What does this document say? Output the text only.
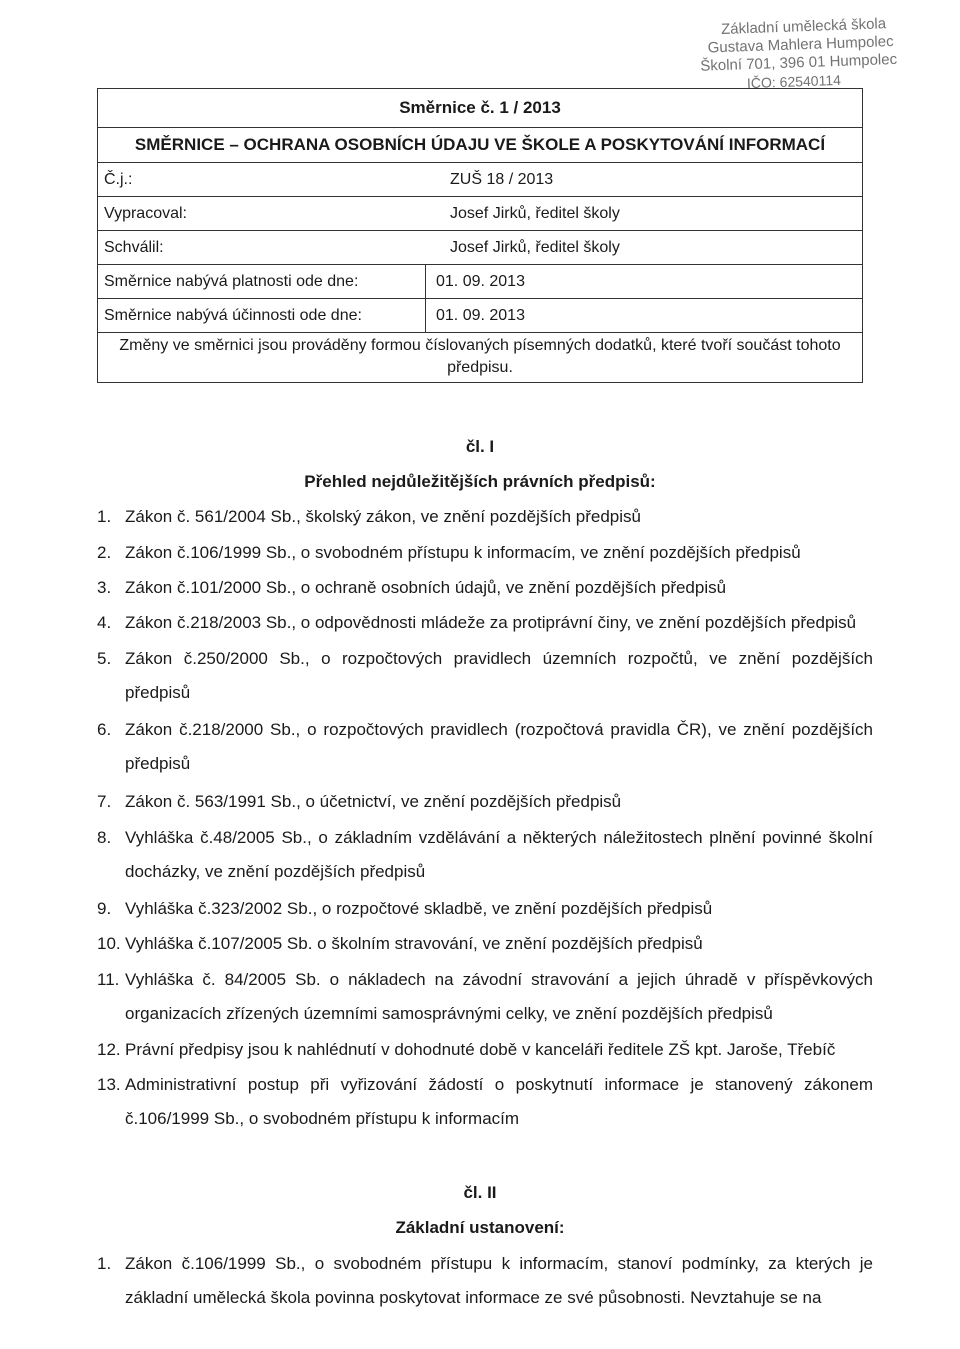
Základní umělecká škola
Gustava Mahlera Humpolec
Školní 701, 396 01 Humpolec
IČO: 62540114
Směrnice č. 1 / 2013
SMĚRNICE – OCHRANA OSOBNÍCH ÚDAJU VE ŠKOLE A POSKYTOVÁNÍ INFORMACÍ
Č.j.:	ZUŠ 18 / 2013
Vypracoval:	Josef Jirků, ředitel školy
Schválil:	Josef Jirků, ředitel školy
Směrnice nabývá platnosti ode dne:	01. 09. 2013
Směrnice nabývá účinnosti ode dne:	01. 09. 2013
Změny ve směrnici jsou prováděny formou číslovaných písemných dodatků, které tvoří součást tohoto předpisu.
čl. I
Přehled nejdůležitějších právních předpisů:
1. Zákon č. 561/2004 Sb., školský zákon, ve znění pozdějších předpisů
2. Zákon č.106/1999 Sb., o svobodném přístupu k informacím, ve znění pozdějších předpisů
3. Zákon č.101/2000 Sb., o ochraně osobních údajů, ve znění pozdějších předpisů
4. Zákon č.218/2003 Sb., o odpovědnosti mládeže za protiprávní činy, ve znění pozdějších předpisů
5. Zákon č.250/2000 Sb., o rozpočtových pravidlech územních rozpočtů, ve znění pozdějších předpisů
6. Zákon č.218/2000 Sb., o rozpočtových pravidlech (rozpočtová pravidla ČR), ve znění pozdějších předpisů
7. Zákon č. 563/1991 Sb., o účetnictví, ve znění pozdějších předpisů
8. Vyhláška č.48/2005 Sb., o základním vzdělávání a některých náležitostech plnění povinné školní docházky, ve znění pozdějších předpisů
9. Vyhláška č.323/2002 Sb., o rozpočtové skladbě, ve znění pozdějších předpisů
10. Vyhláška č.107/2005 Sb. o školním stravování, ve znění pozdějších předpisů
11. Vyhláška č. 84/2005 Sb. o nákladech na závodní stravování a jejich úhradě v příspěvkových organizacích zřízených územními samosprávnými celky, ve znění pozdějších předpisů
12. Právní předpisy jsou k nahlédnutí v dohodnuté době v kanceláři ředitele ZŠ kpt. Jaroše, Třebíč
13. Administrativní postup při vyřizování žádostí o poskytnutí informace je stanovený zákonem č.106/1999 Sb., o svobodném přístupu k informacím
čl. II
Základní ustanovení:
1. Zákon č.106/1999 Sb., o svobodném přístupu k informacím, stanoví podmínky, za kterých je základní umělecká škola povinna poskytovat informace ze své působnosti. Nevztahuje se na
